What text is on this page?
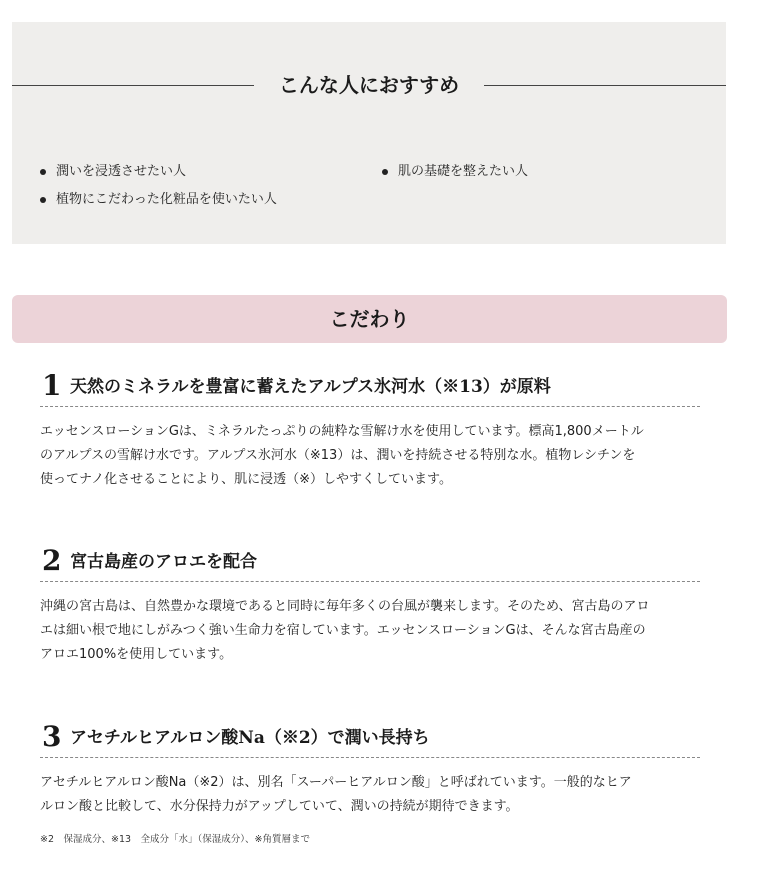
こんな人におすすめ
潤いを浸透させたい人	肌の基礎を整えたい人
植物にこだわった化粧品を使いたい人
こだわり
1 天然のミネラルを豊富に蓄えたアルプス氷河水（※13）が原料
エッセンスローションGは、ミネラルたっぷりの純粋な雪解け水を使用しています。標高1,800メートル
のアルプスの雪解け水です。アルプス氷河水（※13）は、潤いを持続させる特別な水。植物レシチンを
使ってナノ化させることにより、肌に浸透（※）しやすくしています。
2 宮古島産のアロエを配合
沖縄の宮古島は、自然豊かな環境であると同時に毎年多くの台風が襲来します。そのため、宮古島のアロ
エは細い根で地にしがみつく強い生命力を宿しています。エッセンスローションGは、そんな宮古島産の
アロエ100%を使用しています。
3 アセチルヒアルロン酸Na（※2）で潤い長持ち
アセチルヒアルロン酸Na（※2）は、別名「スーパーヒアルロン酸」と呼ばれています。一般的なヒア
ルロン酸と比較して、水分保持力がアップしていて、潤いの持続が期待できます。
※2　保湿成分、※13　全成分「水」（保湿成分）、※角質層まで
